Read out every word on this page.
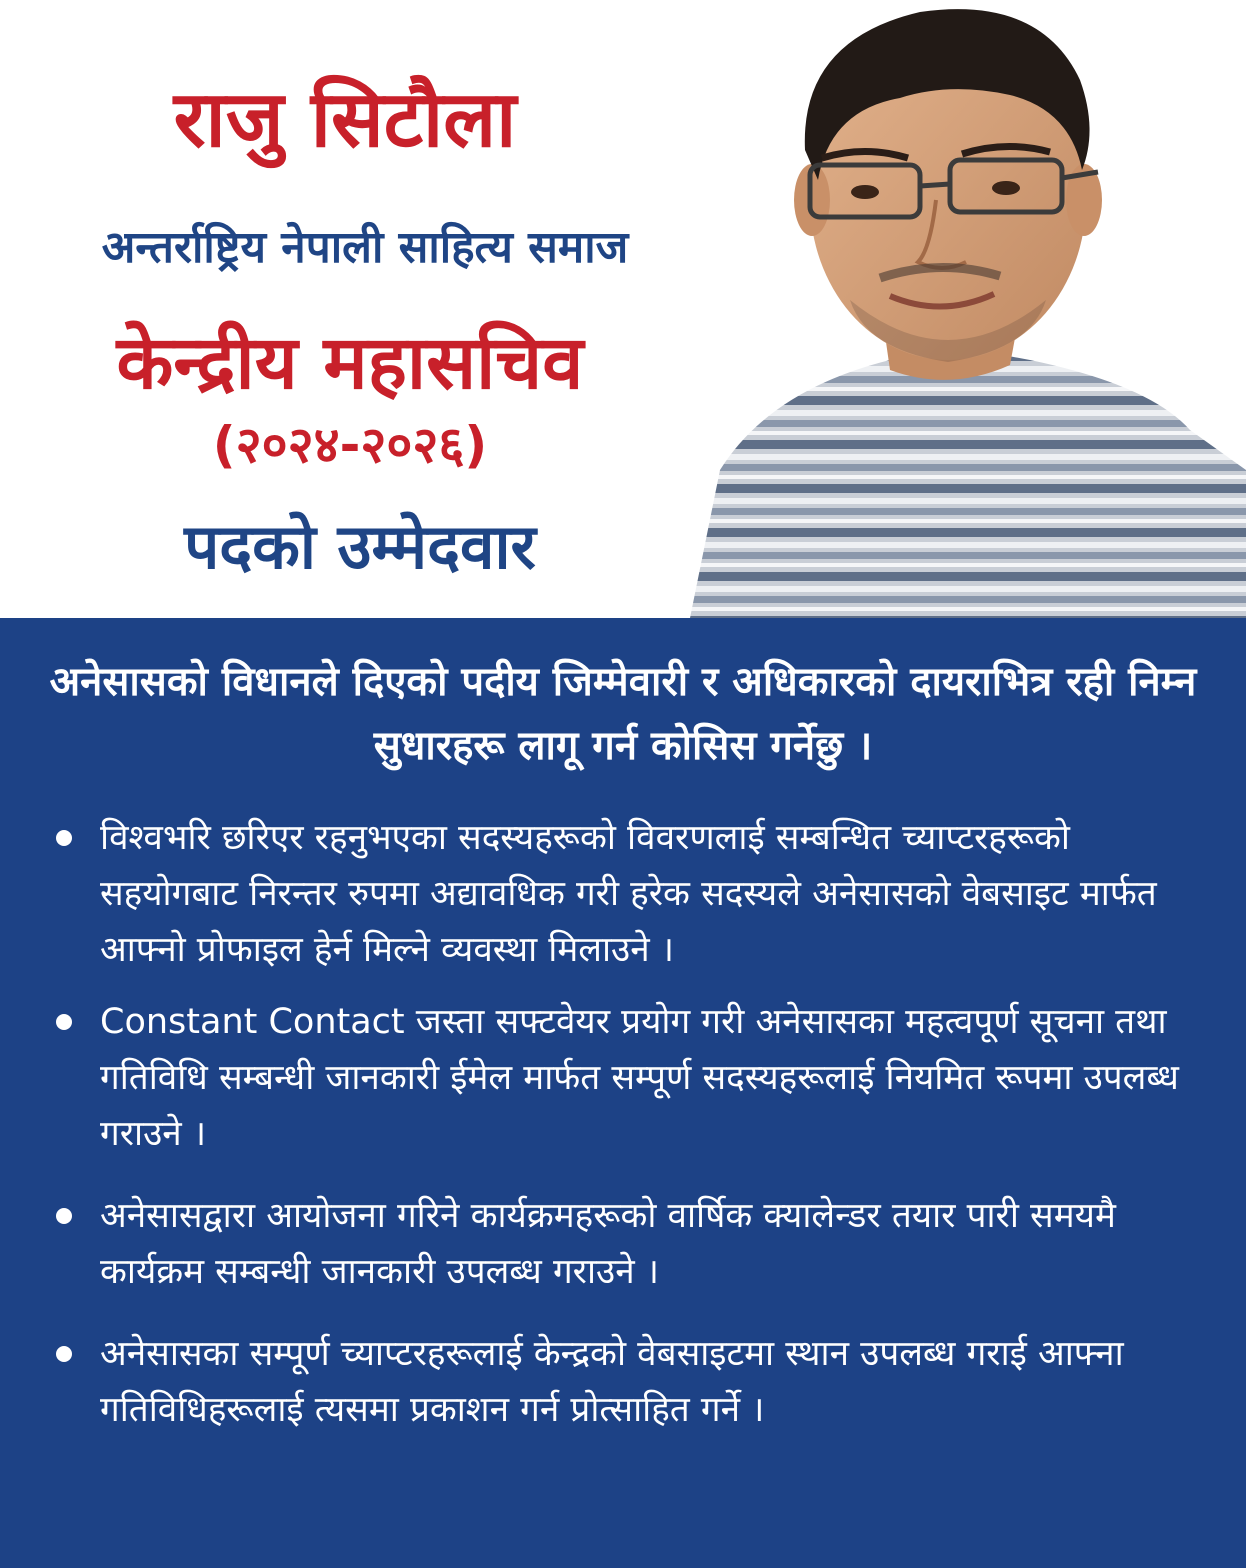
राजु सिटौला
अन्तर्राष्ट्रिय नेपाली साहित्य समाज
केन्द्रीय महासचिव
(२०२४-२०२६)
पदको उम्मेदवार
अनेसासको विधानले दिएको पदीय जिम्मेवारी र अधिकारको दायराभित्र रही निम्न सुधारहरू लागू गर्न कोसिस गर्नेछु ।
विश्वभरि छरिएर रहनुभएका सदस्यहरूको विवरणलाई सम्बन्धित च्याप्टरहरूको सहयोगबाट निरन्तर रुपमा अद्यावधिक गरी हरेक सदस्यले अनेसासको वेबसाइट मार्फत आफ्नो प्रोफाइल हेर्न मिल्ने व्यवस्था मिलाउने ।
Constant Contact जस्ता सफ्टवेयर प्रयोग गरी अनेसासका महत्वपूर्ण सूचना तथा गतिविधि सम्बन्धी जानकारी ईमेल मार्फत सम्पूर्ण सदस्यहरूलाई नियमित रूपमा उपलब्ध गराउने ।
अनेसासद्वारा आयोजना गरिने कार्यक्रमहरूको वार्षिक क्यालेन्डर तयार पारी समयमै कार्यक्रम सम्बन्धी जानकारी उपलब्ध गराउने ।
अनेसासका सम्पूर्ण च्याप्टरहरूलाई केन्द्रको वेबसाइटमा स्थान उपलब्ध गराई आफ्ना गतिविधिहरूलाई त्यसमा प्रकाशन गर्न प्रोत्साहित गर्ने ।
